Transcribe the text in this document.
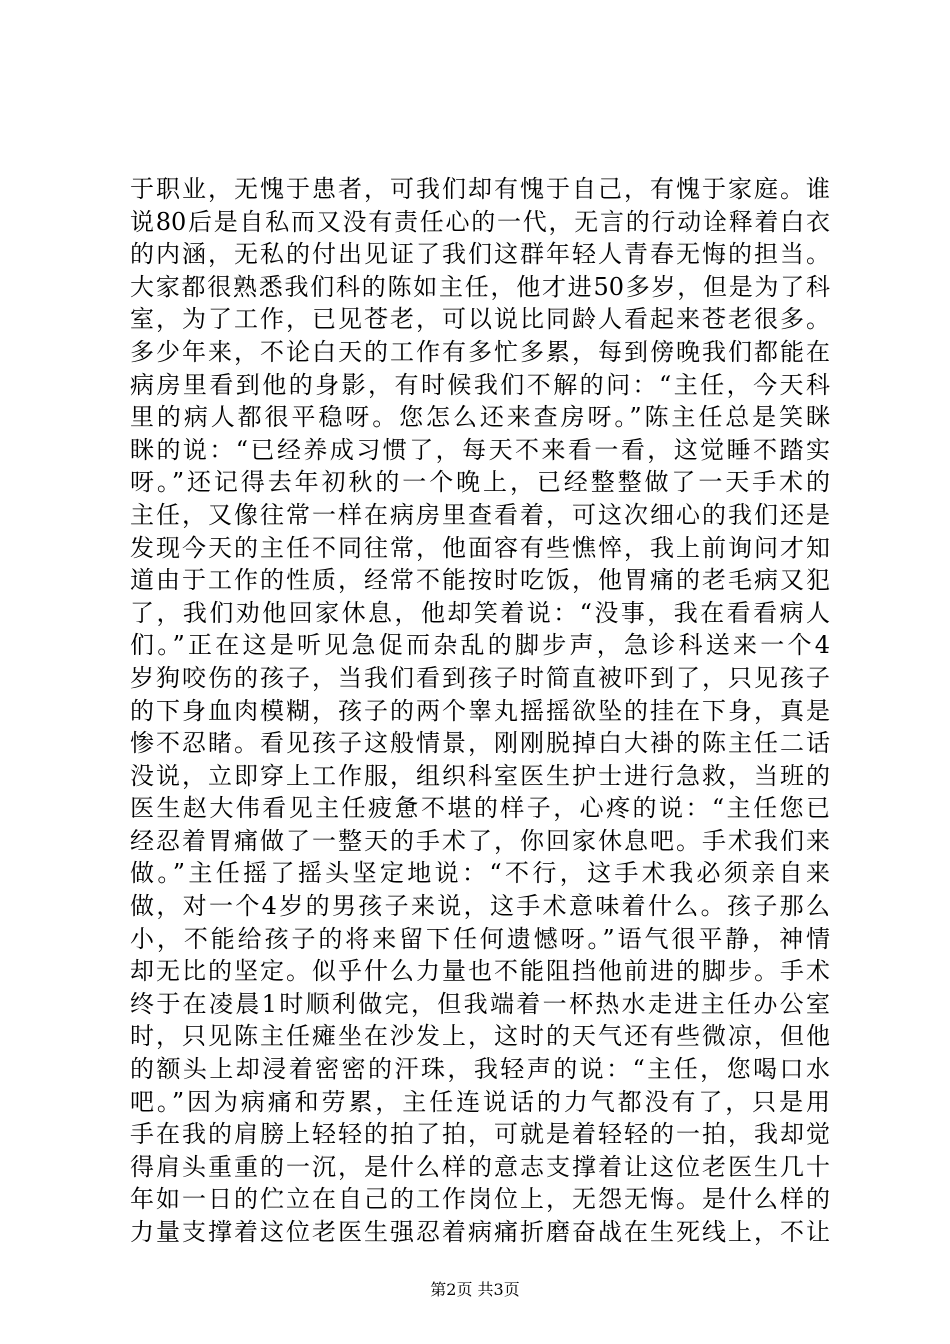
于职业，无愧于患者，可我们却有愧于自己，有愧于家庭。谁
说80后是自私而又没有责任心的一代，无言的行动诠释着白衣
的内涵，无私的付出见证了我们这群年轻人青春无悔的担当。
大家都很熟悉我们科的陈如主任，他才进50多岁，但是为了科
室，为了工作，已见苍老，可以说比同龄人看起来苍老很多。
多少年来，不论白天的工作有多忙多累，每到傍晚我们都能在
病房里看到他的身影，有时候我们不解的问：“主任，今天科
里的病人都很平稳呀。您怎么还来查房呀。”陈主任总是笑眯
眯的说：“已经养成习惯了，每天不来看一看，这觉睡不踏实
呀。”还记得去年初秋的一个晚上，已经整整做了一天手术的
主任，又像往常一样在病房里查看着，可这次细心的我们还是
发现今天的主任不同往常，他面容有些憔悴，我上前询问才知
道由于工作的性质，经常不能按时吃饭，他胃痛的老毛病又犯
了，我们劝他回家休息，他却笑着说：“没事，我在看看病人
们。”正在这是听见急促而杂乱的脚步声，急诊科送来一个4
岁狗咬伤的孩子，当我们看到孩子时简直被吓到了，只见孩子
的下身血肉模糊，孩子的两个睾丸摇摇欲坠的挂在下身，真是
惨不忍睹。看见孩子这般情景，刚刚脱掉白大褂的陈主任二话
没说，立即穿上工作服，组织科室医生护士进行急救，当班的
医生赵大伟看见主任疲惫不堪的样子，心疼的说：“主任您已
经忍着胃痛做了一整天的手术了，你回家休息吧。手术我们来
做。”主任摇了摇头坚定地说：“不行，这手术我必须亲自来
做，对一个4岁的男孩子来说，这手术意味着什么。孩子那么
小，不能给孩子的将来留下任何遗憾呀。”语气很平静，神情
却无比的坚定。似乎什么力量也不能阻挡他前进的脚步。手术
终于在凌晨1时顺利做完，但我端着一杯热水走进主任办公室
时，只见陈主任瘫坐在沙发上，这时的天气还有些微凉，但他
的额头上却浸着密密的汗珠，我轻声的说：“主任，您喝口水
吧。”因为病痛和劳累，主任连说话的力气都没有了，只是用
手在我的肩膀上轻轻的拍了拍，可就是着轻轻的一拍，我却觉
得肩头重重的一沉，是什么样的意志支撑着让这位老医生几十
年如一日的伫立在自己的工作岗位上，无怨无悔。是什么样的
力量支撑着这位老医生强忍着病痛折磨奋战在生死线上，不让
第2页 共3页
